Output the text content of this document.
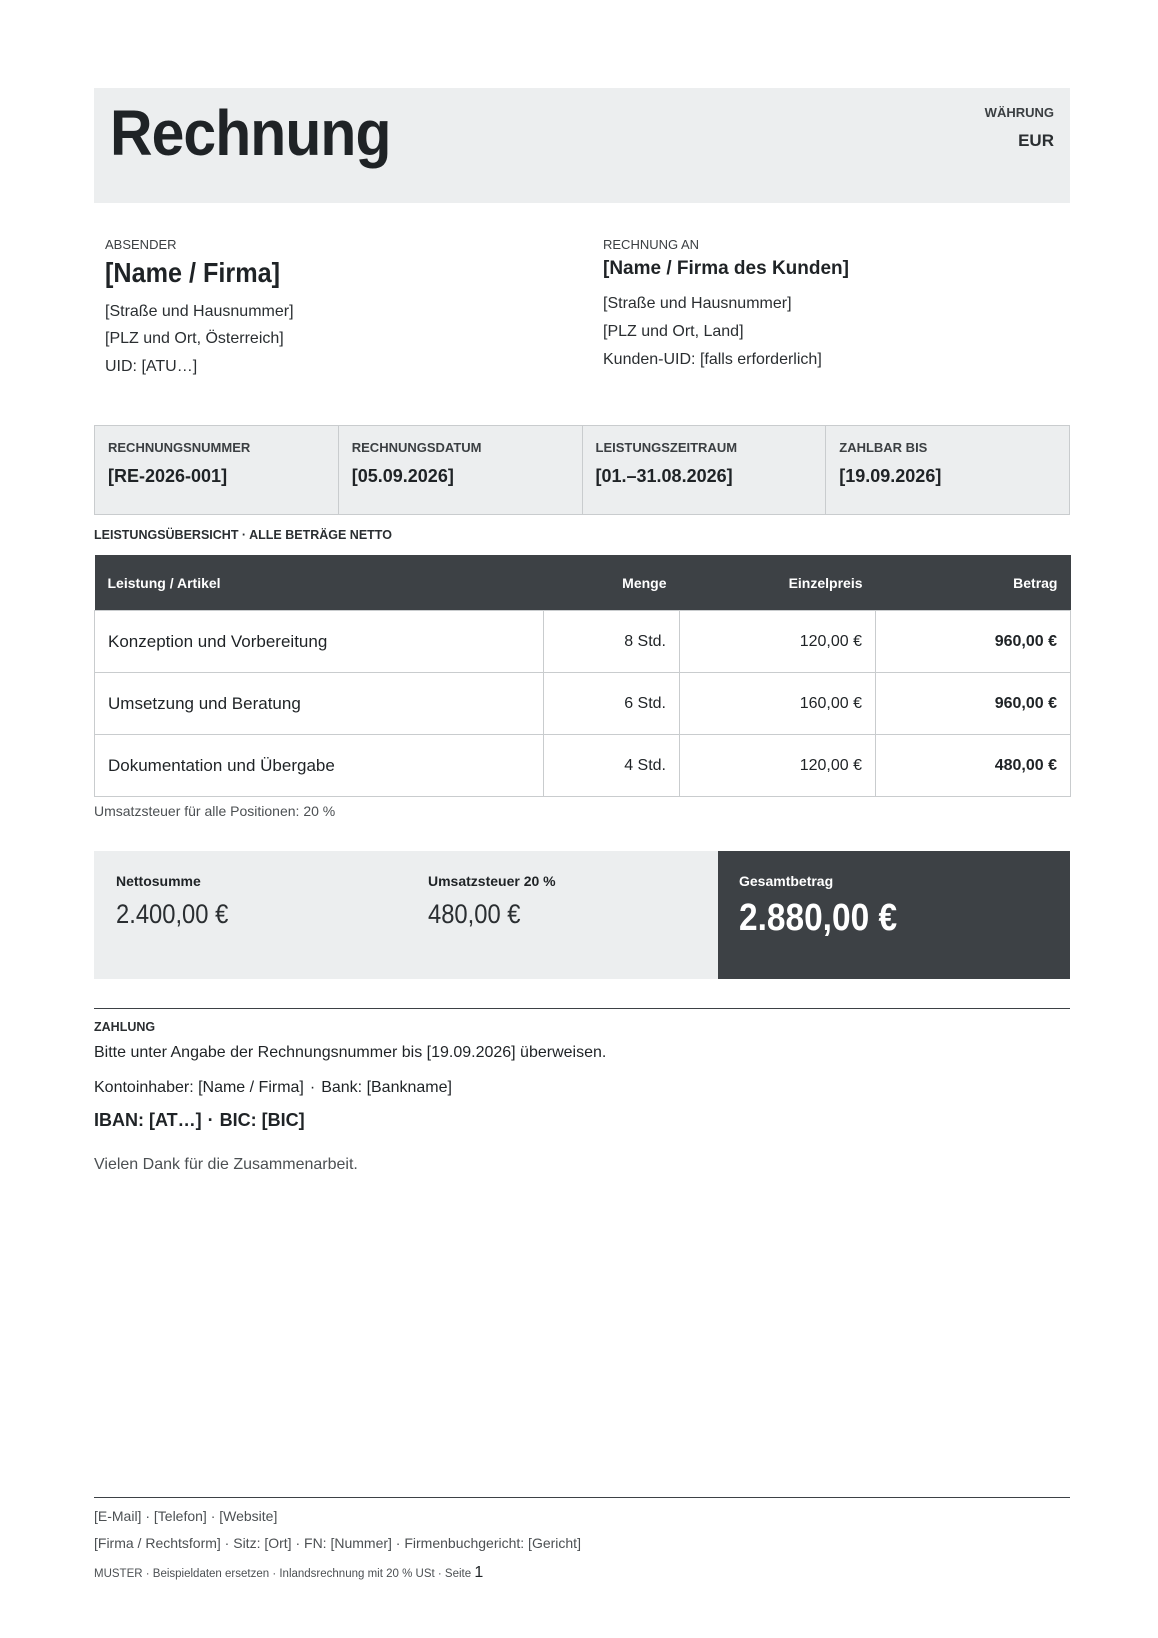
Rechnung	WÄHRUNG
EUR
ABSENDER
[Name / Firma]
[Straße und Hausnummer]
[PLZ und Ort, Österreich]
UID: [ATU…]
RECHNUNG AN
[Name / Firma des Kunden]
[Straße und Hausnummer]
[PLZ und Ort, Land]
Kunden-UID: [falls erforderlich]
RECHNUNGSNUMMER
[RE-2026-001]
RECHNUNGSDATUM
[05.09.2026]
LEISTUNGSZEITRAUM
[01.–31.08.2026]
ZAHLBAR BIS
[19.09.2026]
LEISTUNGSÜBERSICHT · ALLE BETRÄGE NETTO
Leistung / Artikel	Menge	Einzelpreis	Betrag
Konzeption und Vorbereitung	8 Std.	120,00 €	960,00 €
Umsetzung und Beratung	6 Std.	160,00 €	960,00 €
Dokumentation und Übergabe	4 Std.	120,00 €	480,00 €
Umsatzsteuer für alle Positionen: 20 %
Nettosumme
2.400,00 €
Umsatzsteuer 20 %
480,00 €
Gesamtbetrag
2.880,00 €
ZAHLUNG
Bitte unter Angabe der Rechnungsnummer bis [19.09.2026] überweisen.
Kontoinhaber: [Name / Firma] · Bank: [Bankname]
IBAN: [AT…] · BIC: [BIC]
Vielen Dank für die Zusammenarbeit.
[E-Mail] · [Telefon] · [Website]
[Firma / Rechtsform] · Sitz: [Ort] · FN: [Nummer] · Firmenbuchgericht: [Gericht]
MUSTER · Beispieldaten ersetzen · Inlandsrechnung mit 20 % USt · Seite 1
